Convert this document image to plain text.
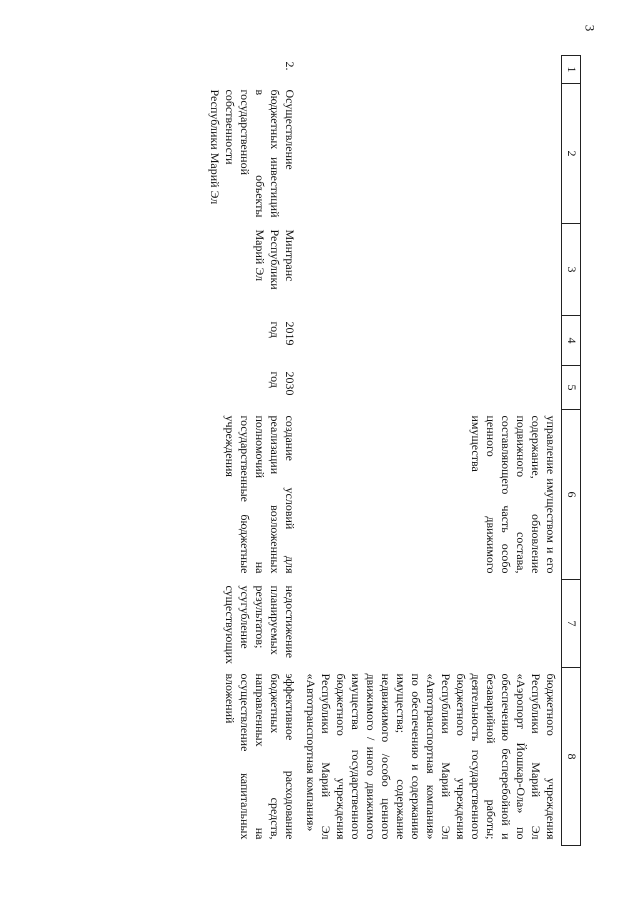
3
1	2	3	4	5	6	7	8
					управление имуществом и его содержание, обновление подвижного состава, составляющего часть особо ценного движимого имущества		бюджетного учреждения Республики Марий Эл «Аэропорт Йошкар-Ола» по обеспечению бесперебойной и безаварийной работы; деятельность государственного бюджетного учреждения Республики Марий Эл «Автотранспортная компания» по обеспечению и содержанию имущества; содержание недвижимого /особо ценного движимого / иного движимого имущества государственного бюджетного учреждения Республики Марий Эл «Автотранспортная компания»
2.	Осуществление бюджетных инвестиций в объекты государственной собственности Республики Марий Эл	Минтранс Республики Марий Эл	2019 год	2030 год	создание условий для реализации возложенных полномочий на государственные бюджетные учреждения	недостижение планируемых результатов; усугубление существующих	эффективное расходование бюджетных средств, направленных на осуществление капитальных вложений
